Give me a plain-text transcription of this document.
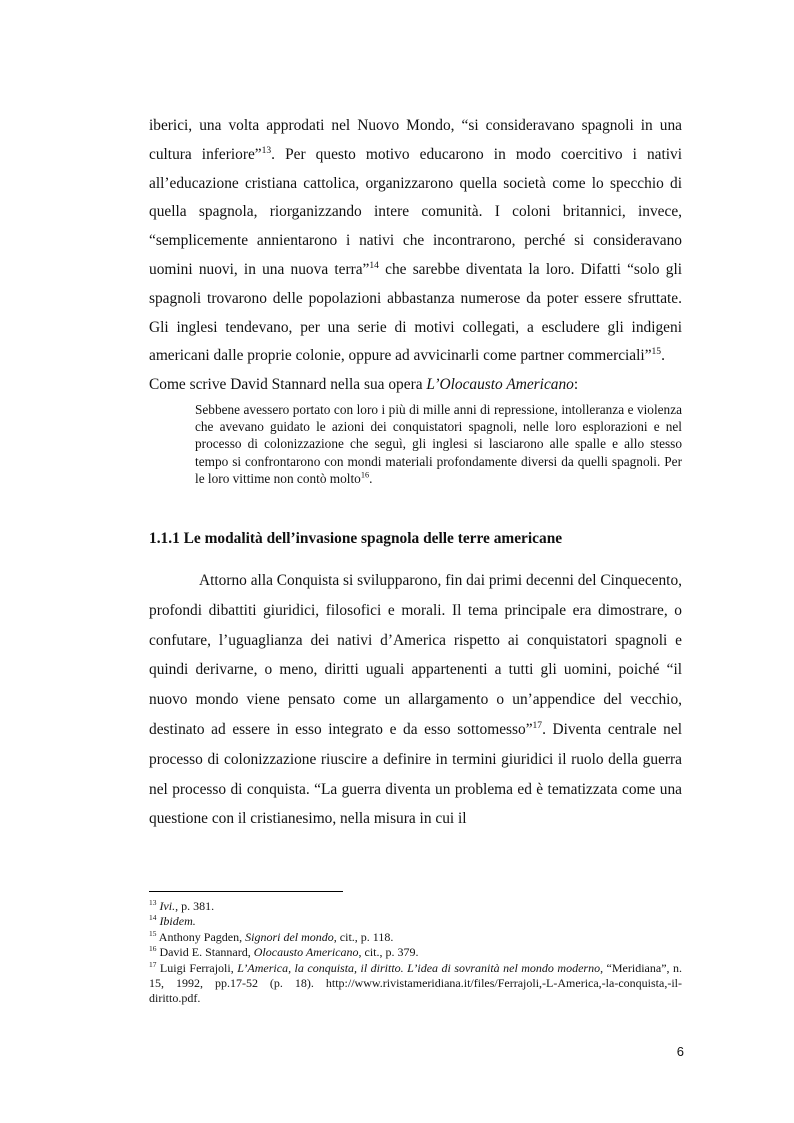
iberici, una volta approdati nel Nuovo Mondo, “si consideravano spagnoli in una cultura inferiore”$^{13}$. Per questo motivo educarono in modo coercitivo i nativi all’educazione cristiana cattolica, organizzarono quella società come lo specchio di quella spagnola, riorganizzando intere comunità. I coloni britannici, invece, “semplicemente annientarono i nativi che incontrarono, perché si consideravano uomini nuovi, in una nuova terra”$^{14}$ che sarebbe diventata la loro. Difatti “solo gli spagnoli trovarono delle popolazioni abbastanza numerose da poter essere sfruttate. Gli inglesi tendevano, per una serie di motivi collegati, a escludere gli indigeni americani dalle proprie colonie, oppure ad avvicinarli come partner commerciali”$^{15}$.

Come scrive David Stannard nella sua opera L’Olocausto Americano:

Sebbene avessero portato con loro i più di mille anni di repressione, intolleranza e violenza che avevano guidato le azioni dei conquistatori spagnoli, nelle loro esplorazioni e nel processo di colonizzazione che seguì, gli inglesi si lasciarono alle spalle e allo stesso tempo si confrontarono con mondi materiali profondamente diversi da quelli spagnoli. Per le loro vittime non contò molto$^{16}$.

1.1.1 Le modalità dell’invasione spagnola delle terre americane

Attorno alla Conquista si svilupparono, fin dai primi decenni del Cinquecento, profondi dibattiti giuridici, filosofici e morali. Il tema principale era dimostrare, o confutare, l’uguaglianza dei nativi d’America rispetto ai conquistatori spagnoli e quindi derivarne, o meno, diritti uguali appartenenti a tutti gli uomini, poiché “il nuovo mondo viene pensato come un allargamento o un’appendice del vecchio, destinato ad essere in esso integrato e da esso sottomesso”$^{17}$. Diventa centrale nel processo di colonizzazione riuscire a definire in termini giuridici il ruolo della guerra nel processo di conquista. “La guerra diventa un problema ed è tematizzata come una questione con il cristianesimo, nella misura in cui il

$^{13}$ Ivi., p. 381.

$^{14}$ Ibidem.

$^{15}$ Anthony Pagden, Signori del mondo, cit., p. 118.

$^{16}$ David E. Stannard, Olocausto Americano, cit., p. 379.

$^{17}$ Luigi Ferrajoli, L’America, la conquista, il diritto. L’idea di sovranità nel mondo moderno, “Meridiana”, n. 15, 1992, pp.17-52 (p. 18). http://www.rivistameridiana.it/files/Ferrajoli,-L-America,-la-conquista,-il-diritto.pdf.

6
